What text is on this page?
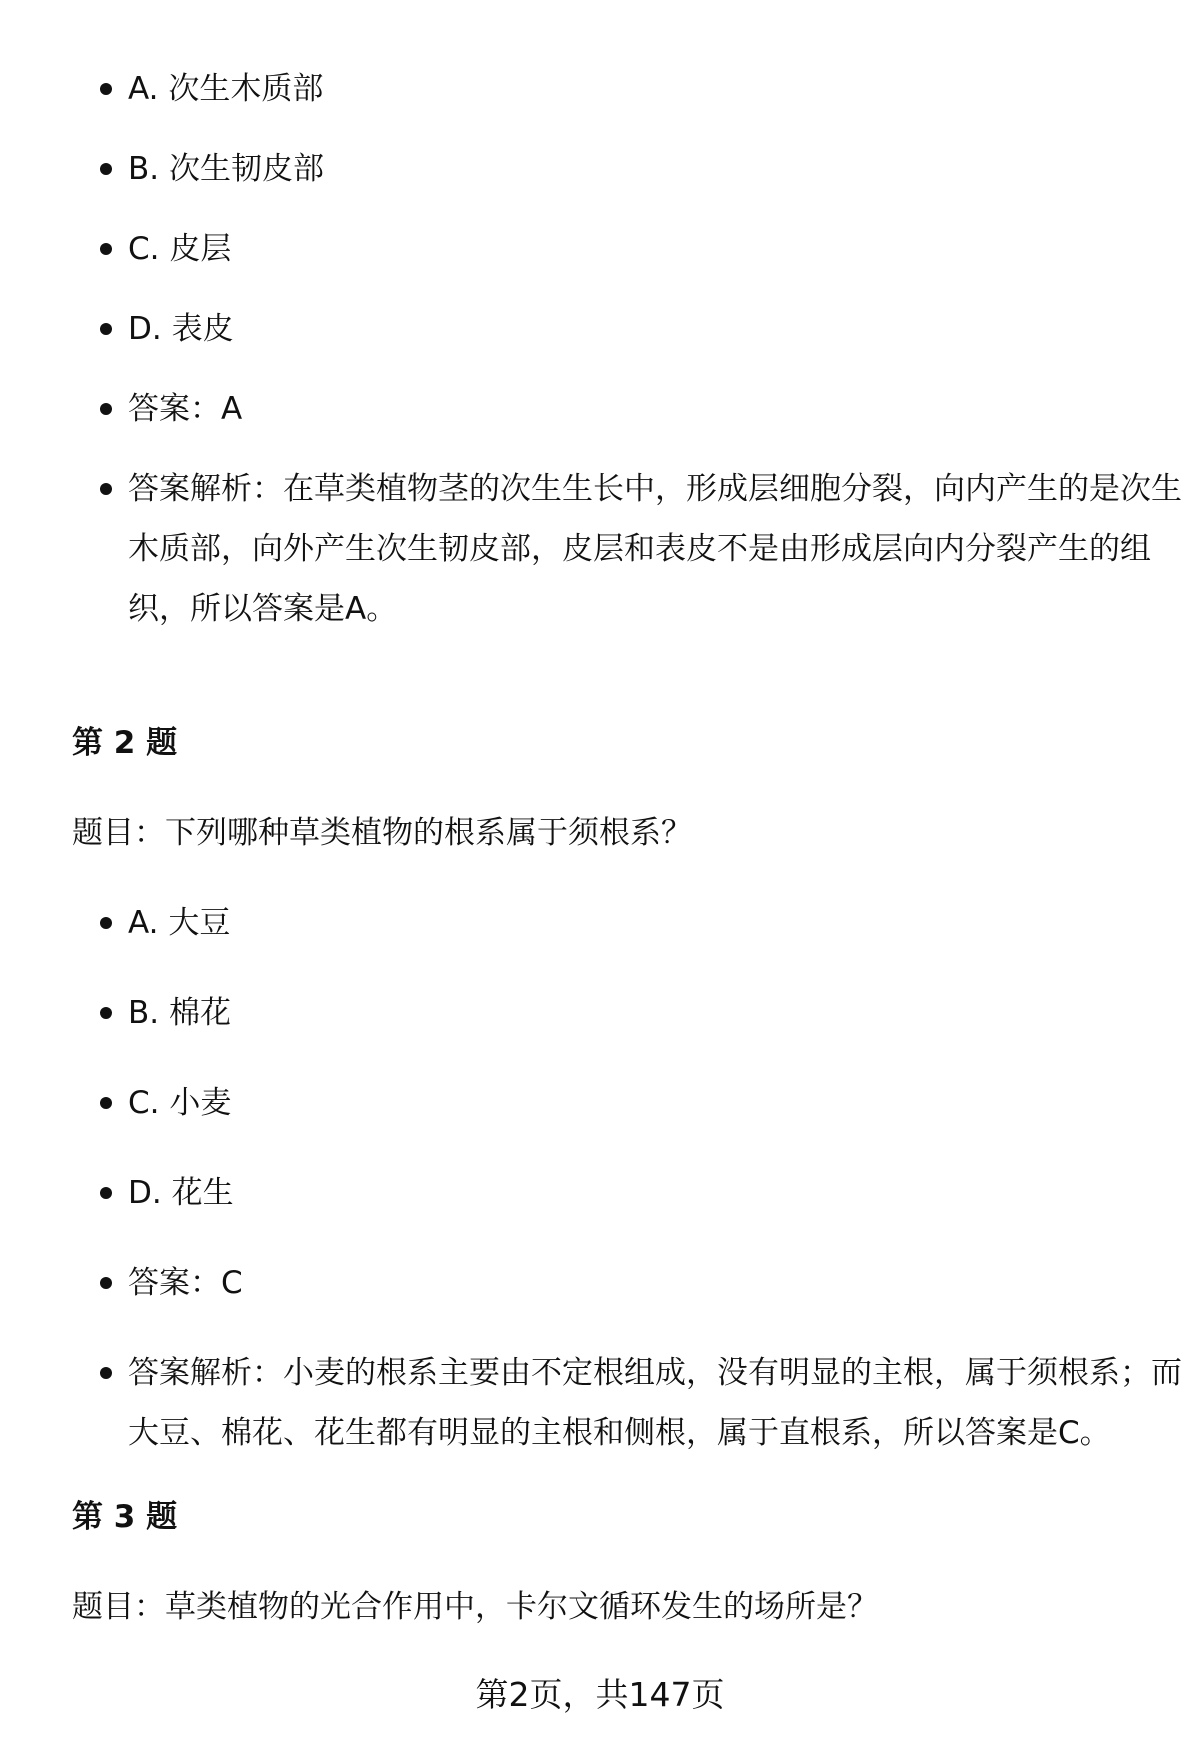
A. 次生木质部
B. 次生韧皮部
C. 皮层
D. 表皮
答案：A
答案解析：在草类植物茎的次生生长中，形成层细胞分裂，向内产生的是次生
木质部，向外产生次生韧皮部，皮层和表皮不是由形成层向内分裂产生的组
织，所以答案是A。
第 2 题
题目：下列哪种草类植物的根系属于须根系？
A. 大豆
B. 棉花
C. 小麦
D. 花生
答案：C
答案解析：小麦的根系主要由不定根组成，没有明显的主根，属于须根系；而
大豆、棉花、花生都有明显的主根和侧根，属于直根系，所以答案是C。
第 3 题
题目：草类植物的光合作用中，卡尔文循环发生的场所是？
第2页，共147页
